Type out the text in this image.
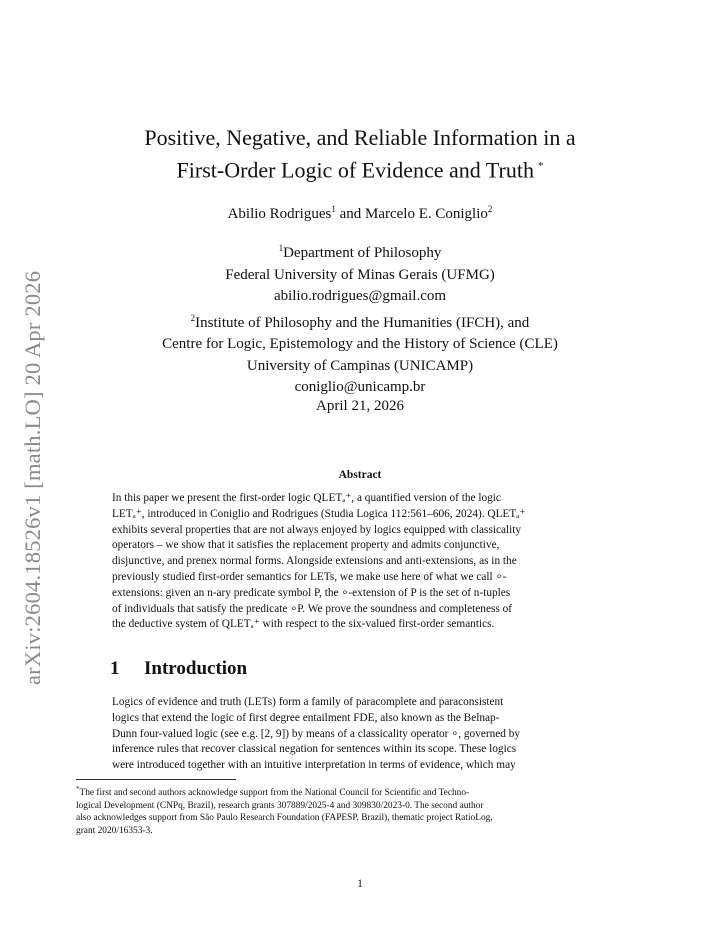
arXiv:2604.18526v1 [math.LO] 20 Apr 2026
Positive, Negative, and Reliable Information in a
First-Order Logic of Evidence and Truth *
Abilio Rodrigues$^1$ and Marcelo E. Coniglio$^2$
$^1$Department of Philosophy
Federal University of Minas Gerais (UFMG)
abilio.rodrigues@gmail.com
$^2$Institute of Philosophy and the Humanities (IFCH), and
Centre for Logic, Epistemology and the History of Science (CLE)
University of Campinas (UNICAMP)
coniglio@unicamp.br
April 21, 2026
Abstract
In this paper we present the first-order logic QLETₐ⁺, a quantified version of the logic
LETₐ⁺, introduced in Coniglio and Rodrigues (Studia Logica 112:561–606, 2024). QLETₐ⁺
exhibits several properties that are not always enjoyed by logics equipped with classicality
operators – we show that it satisfies the replacement property and admits conjunctive,
disjunctive, and prenex normal forms. Alongside extensions and anti-extensions, as in the
previously studied first-order semantics for LETs, we make use here of what we call ∘-
extensions: given an n-ary predicate symbol P, the ∘-extension of P is the set of n-tuples
of individuals that satisfy the predicate ∘P. We prove the soundness and completeness of
the deductive system of QLETₐ⁺ with respect to the six-valued first-order semantics.
1 Introduction
Logics of evidence and truth (LETs) form a family of paracomplete and paraconsistent
logics that extend the logic of first degree entailment FDE, also known as the Belnap-
Dunn four-valued logic (see e.g. [2, 9]) by means of a classicality operator ∘, governed by
inference rules that recover classical negation for sentences within its scope. These logics
were introduced together with an intuitive interpretation in terms of evidence, which may
*The first and second authors acknowledge support from the National Council for Scientific and Techno-
logical Development (CNPq, Brazil), research grants 307889/2025-4 and 309830/2023-0. The second author
also acknowledges support from São Paulo Research Foundation (FAPESP, Brazil), thematic project RatioLog,
grant 2020/16353-3.
1
